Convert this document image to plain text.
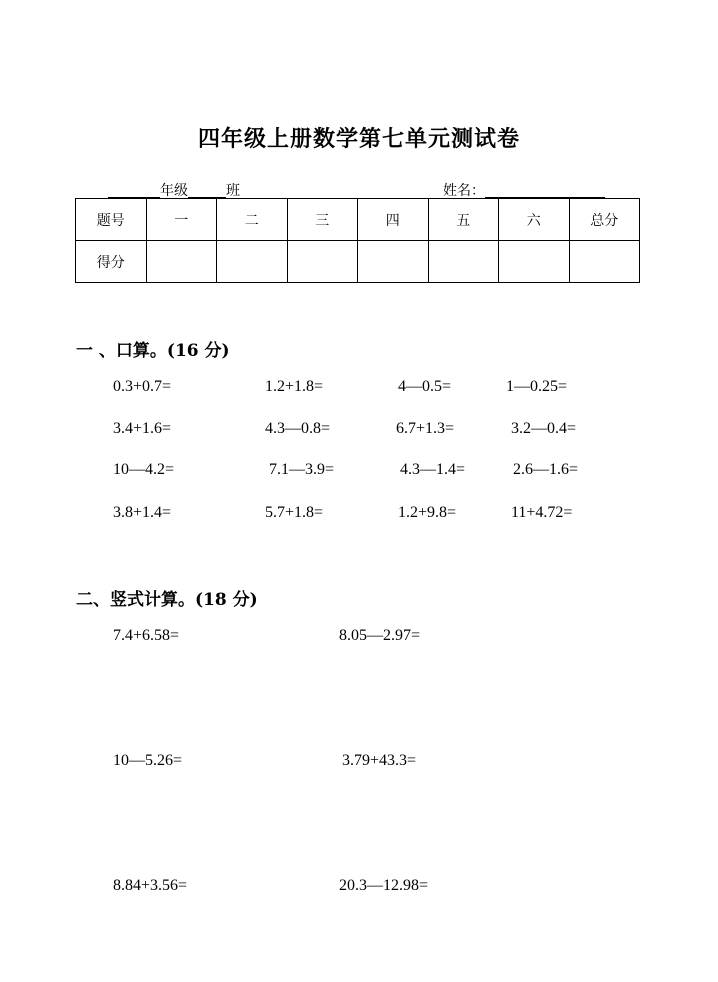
四年级上册数学第七单元测试卷
年级	班	姓名：
题号	一	二	三	四	五	六	总分
得分							
一 、口算。(16 分)
0.3+0.7=	1.2+1.8=	4—0.5=	1—0.25=
3.4+1.6=	4.3—0.8=	6.7+1.3=	3.2—0.4=
10—4.2=	7.1—3.9=	4.3—1.4=	2.6—1.6=
3.8+1.4=	5.7+1.8=	1.2+9.8=	11+4.72=
二、竖式计算。(18 分)
7.4+6.58=	8.05—2.97=
10—5.26=	3.79+43.3=
8.84+3.56=	20.3—12.98=
